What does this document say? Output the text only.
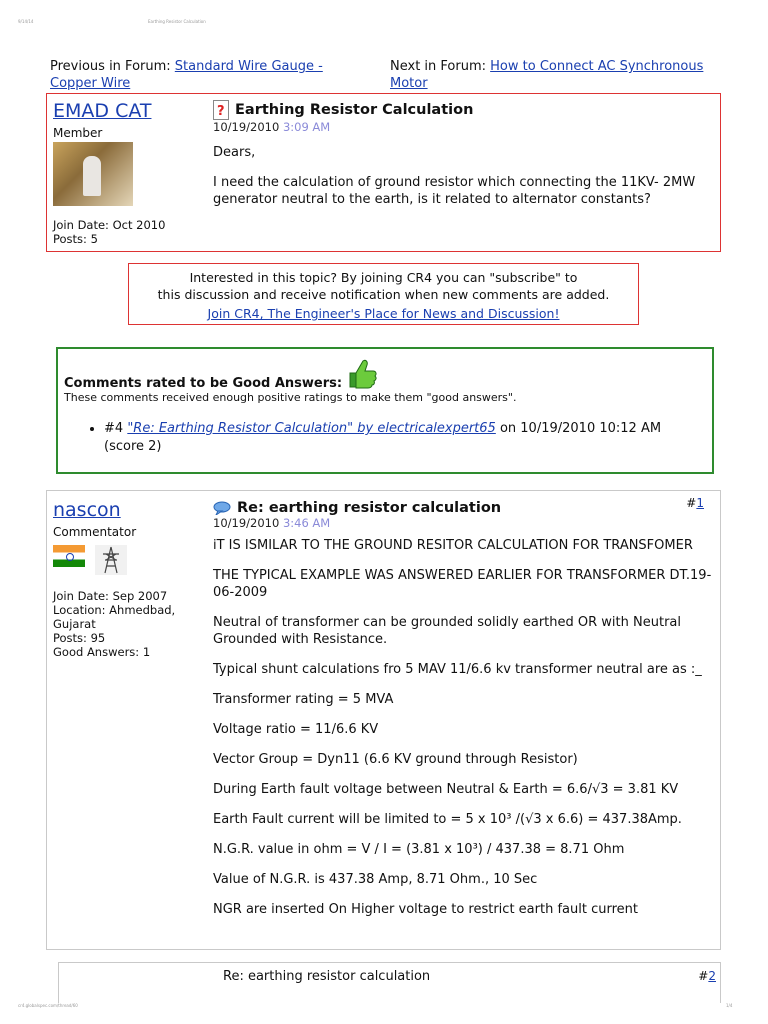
9/14/14	Earthing Resistor Calculation
Previous in Forum: Standard Wire Gauge - Copper Wire
Next in Forum: How to Connect AC Synchronous Motor
EMAD CAT
Member
Join Date: Oct 2010
Posts: 5
? Earthing Resistor Calculation
10/19/2010 3:09 AM

Dears,

I need the calculation of ground resistor which connecting the 11KV- 2MW generator neutral to the earth, is it related to alternator constants?

Interested in this topic? By joining CR4 you can "subscribe" to
this discussion and receive notification when new comments are added.
Join CR4, The Engineer's Place for News and Discussion!
Comments rated to be Good Answers:
These comments received enough positive ratings to make them "good answers".
• #4 "Re: Earthing Resistor Calculation" by electricalexpert65 on 10/19/2010 10:12 AM
(score 2)
#1
nascon
Commentator

Join Date: Sep 2007
Location: Ahmedbad, Gujarat
Posts: 95
Good Answers: 1
Re: earthing resistor calculation
10/19/2010 3:46 AM

iT IS ISMILAR TO THE GROUND RESITOR CALCULATION FOR TRANSFOMER

THE TYPICAL EXAMPLE WAS ANSWERED EARLIER FOR TRANSFORMER DT.19-06-2009

Neutral of transformer can be grounded solidly earthed OR with Neutral Grounded with Resistance.

Typical shunt calculations fro 5 MAV 11/6.6 kv transformer neutral are as :_

Transformer rating = 5 MVA

Voltage ratio = 11/6.6 KV

Vector Group = Dyn11 (6.6 KV ground through Resistor)

During Earth fault voltage between Neutral & Earth = 6.6/√3 = 3.81 KV

Earth Fault current will be limited to = 5 x 10³ /(√3 x 6.6) = 437.38Amp.

N.G.R. value in ohm = V / I = (3.81 x 10³) / 437.38 = 8.71 Ohm

Value of N.G.R. is 437.38 Amp, 8.71 Ohm., 10 Sec

NGR are inserted On Higher voltage to restrict earth fault current

Re: earthing resistor calculation	#2
cr4.globalspec.com/thread/60	1/4
